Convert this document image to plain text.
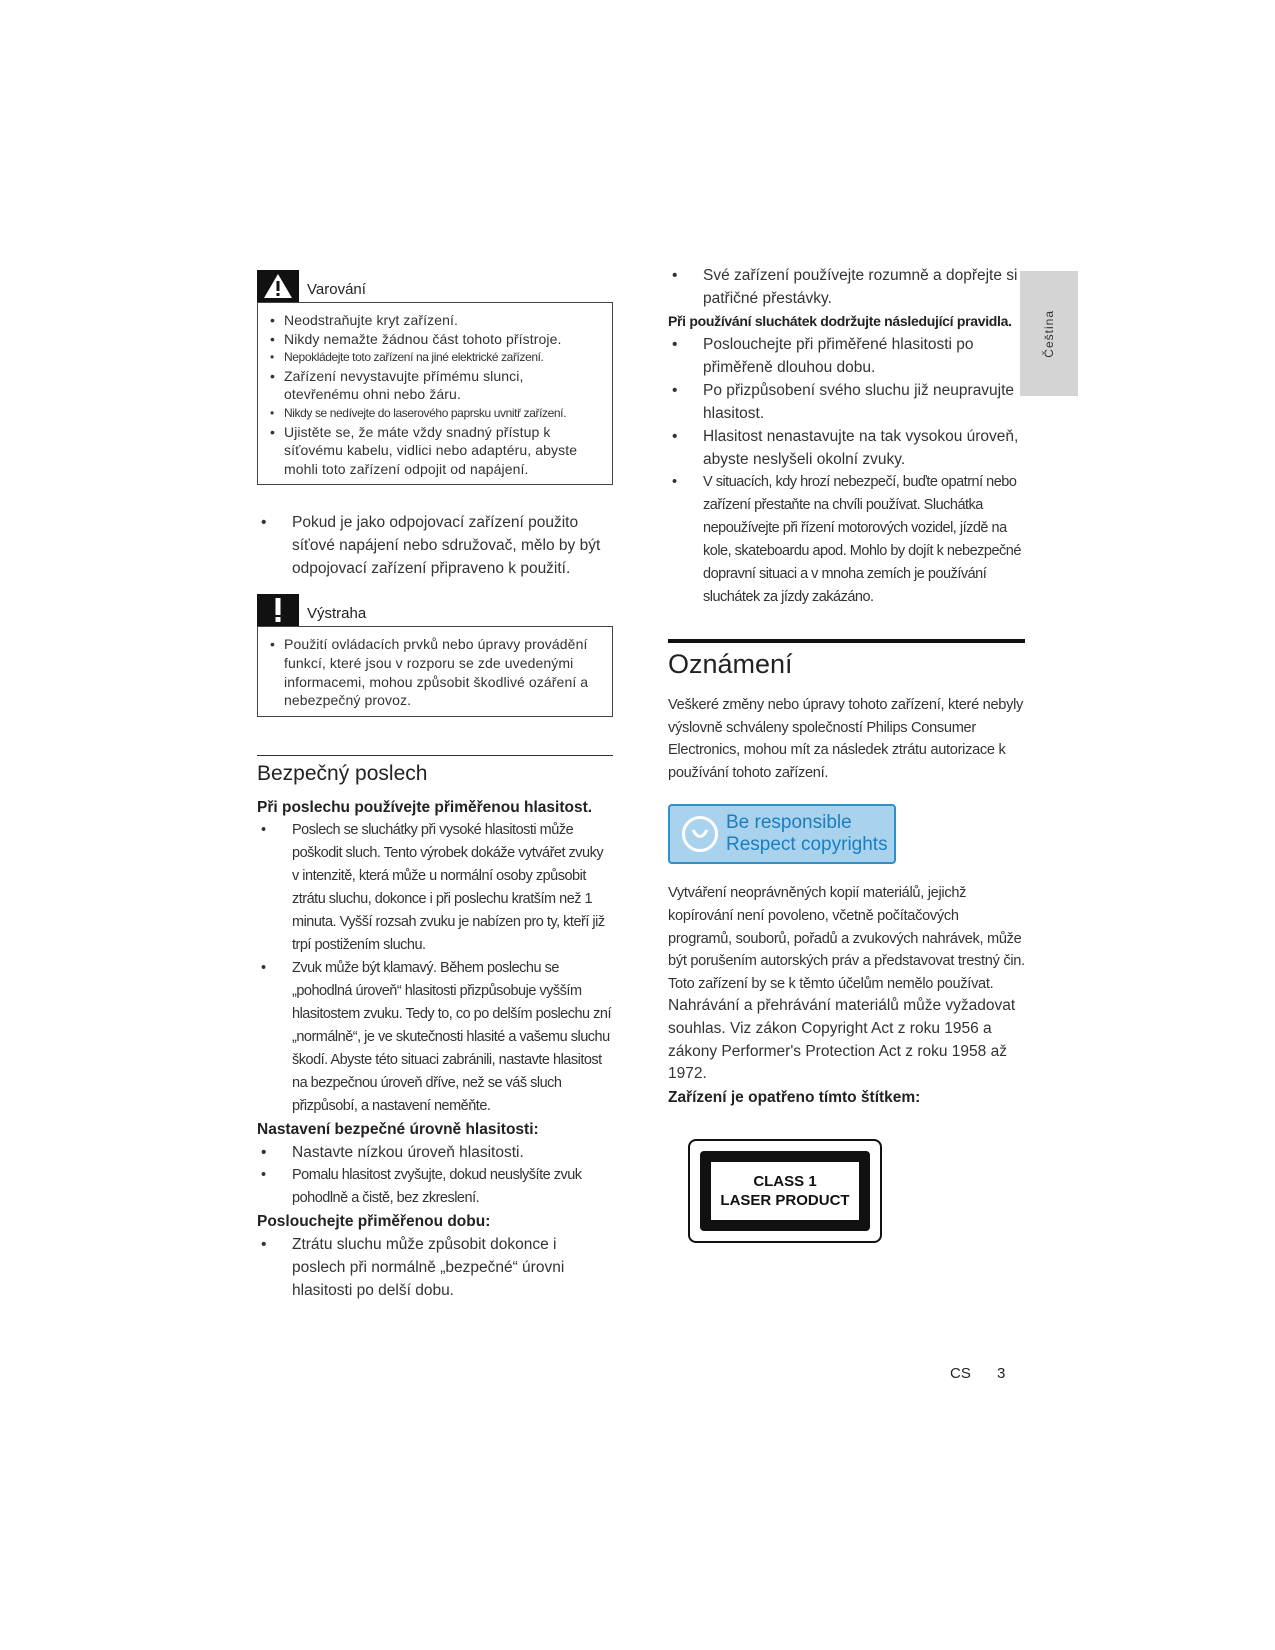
Čeština
Varování
• Neodstraňujte kryt zařízení.
• Nikdy nemažte žádnou část tohoto přístroje.
• Nepokládejte toto zařízení na jiné elektrické zařízení.
• Zařízení nevystavujte přímému slunci, otevřenému ohni nebo žáru.
• Nikdy se nedívejte do laserového paprsku uvnitř zařízení.
• Ujistěte se, že máte vždy snadný přístup k síťovému kabelu, vidlici nebo adaptéru, abyste mohli toto zařízení odpojit od napájení.
• Pokud je jako odpojovací zařízení použito síťové napájení nebo sdružovač, mělo by být odpojovací zařízení připraveno k použití.
Výstraha
• Použití ovládacích prvků nebo úpravy provádění funkcí, které jsou v rozporu se zde uvedenými informacemi, mohou způsobit škodlivé ozáření a nebezpečný provoz.
Bezpečný poslech
Při poslechu používejte přiměřenou hlasitost.
• Poslech se sluchátky při vysoké hlasitosti může poškodit sluch. Tento výrobek dokáže vytvářet zvuky v intenzitě, která může u normální osoby způsobit ztrátu sluchu, dokonce i při poslechu kratším než 1 minuta. Vyšší rozsah zvuku je nabízen pro ty, kteří již trpí postižením sluchu.
• Zvuk může být klamavý. Během poslechu se „pohodlná úroveň“ hlasitosti přizpůsobuje vyšším hlasitostem zvuku. Tedy to, co po delším poslechu zní „normálně“, je ve skutečnosti hlasité a vašemu sluchu škodí. Abyste této situaci zabránili, nastavte hlasitost na bezpečnou úroveň dříve, než se váš sluch přizpůsobí, a nastavení neměňte.
Nastavení bezpečné úrovně hlasitosti:
• Nastavte nízkou úroveň hlasitosti.
• Pomalu hlasitost zvyšujte, dokud neuslyšíte zvuk pohodlně a čistě, bez zkreslení.
Poslouchejte přiměřenou dobu:
• Ztrátu sluchu může způsobit dokonce i poslech při normálně „bezpečné“ úrovni hlasitosti po delší dobu.
• Své zařízení používejte rozumně a dopřejte si patřičné přestávky.
Při používání sluchátek dodržujte následující pravidla.
• Poslouchejte při přiměřené hlasitosti po přiměřeně dlouhou dobu.
• Po přizpůsobení svého sluchu již neupravujte hlasitost.
• Hlasitost nenastavujte na tak vysokou úroveň, abyste neslyšeli okolní zvuky.
• V situacích, kdy hrozí nebezpečí, buďte opatrní nebo zařízení přestaňte na chvíli používat. Sluchátka nepoužívejte při řízení motorových vozidel, jízdě na kole, skateboardu apod. Mohlo by dojít k nebezpečné dopravní situaci a v mnoha zemích je používání sluchátek za jízdy zakázáno.
Oznámení

Veškeré změny nebo úpravy tohoto zařízení, které nebyly výslovně schváleny společností Philips Consumer Electronics, mohou mít za následek ztrátu autorizace k používání tohoto zařízení.

Be responsible
Respect copyrights

Vytváření neoprávněných kopií materiálů, jejichž kopírování není povoleno, včetně počítačových programů, souborů, pořadů a zvukových nahrávek, může být porušením autorských práv a představovat trestný čin. Toto zařízení by se k těmto účelům nemělo používat.

Nahrávání a přehrávání materiálů může vyžadovat souhlas. Viz zákon Copyright Act z roku 1956 a zákony Performer's Protection Act z roku 1958 až 1972.

Zařízení je opatřeno tímto štítkem:
CLASS 1
LASER PRODUCT
CS 3
